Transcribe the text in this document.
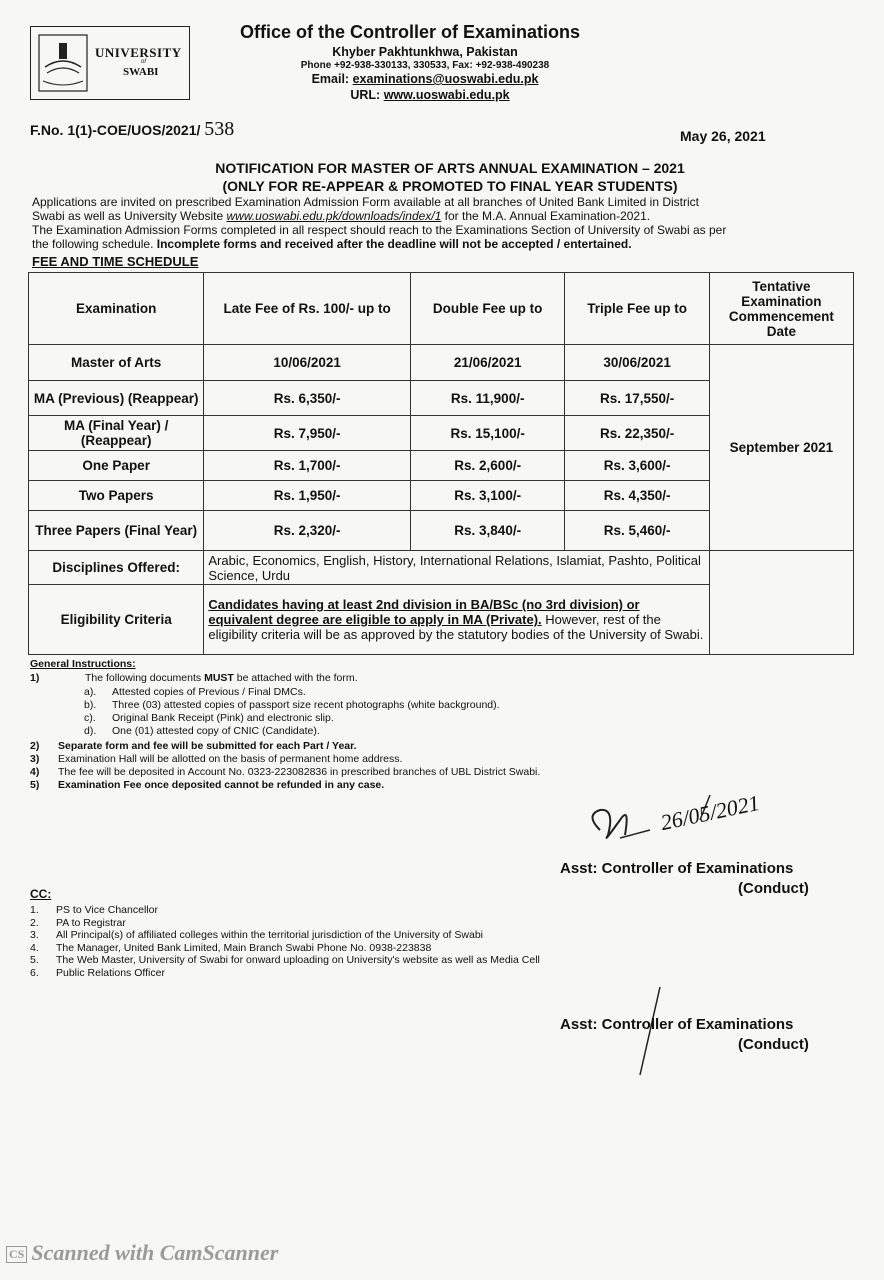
UNIVERSITY
of
SWABI
Office of the Controller of Examinations
Khyber Pakhtunkhwa, Pakistan
Phone +92-938-330133, 330533, Fax: +92-938-490238
Email: examinations@uoswabi.edu.pk
URL: www.uoswabi.edu.pk
F.No. 1(1)-COE/UOS/2021/ 538	May 26, 2021
NOTIFICATION FOR MASTER OF ARTS ANNUAL EXAMINATION – 2021
(ONLY FOR RE-APPEAR & PROMOTED TO FINAL YEAR STUDENTS)
Applications are invited on prescribed Examination Admission Form available at all branches of United Bank Limited in District
Swabi as well as University Website www.uoswabi.edu.pk/downloads/index/1 for the M.A. Annual Examination-2021.
The Examination Admission Forms completed in all respect should reach to the Examinations Section of University of Swabi as per
the following schedule. Incomplete forms and received after the deadline will not be accepted / entertained.
FEE AND TIME SCHEDULE
Examination	Late Fee of Rs. 100/- up to	Double Fee up to	Triple Fee up to	Tentative Examination Commencement Date
Master of Arts	10/06/2021	21/06/2021	30/06/2021	September 2021
MA (Previous) (Reappear)	Rs. 6,350/-	Rs. 11,900/-	Rs. 17,550/-	
MA (Final Year) / (Reappear)	Rs. 7,950/-	Rs. 15,100/-	Rs. 22,350/-	
One Paper	Rs. 1,700/-	Rs. 2,600/-	Rs. 3,600/-	
Two Papers	Rs. 1,950/-	Rs. 3,100/-	Rs. 4,350/-	
Three Papers (Final Year)	Rs. 2,320/-	Rs. 3,840/-	Rs. 5,460/-	
Disciplines Offered:	Arabic, Economics, English, History, International Relations, Islamiat, Pashto, Political Science, Urdu			
Eligibility Criteria	Candidates having at least 2nd division in BA/BSc (no 3rd division) or equivalent degree are eligible to apply in MA (Private). However, rest of the eligibility criteria will be as approved by the statutory bodies of the University of Swabi.			
General Instructions:
1)	The following documents MUST be attached with the form.
a). Attested copies of Previous / Final DMCs.
b). Three (03) attested copies of passport size recent photographs (white background).
c). Original Bank Receipt (Pink) and electronic slip.
d). One (01) attested copy of CNIC (Candidate).
2) Separate form and fee will be submitted for each Part / Year.
3) Examination Hall will be allotted on the basis of permanent home address.
4) The fee will be deposited in Account No. 0323-223082836 in prescribed branches of UBL District Swabi.
5) Examination Fee once deposited cannot be refunded in any case.
26/05/2021
Asst: Controller of Examinations
(Conduct)
CC:
1. PS to Vice Chancellor
2. PA to Registrar
3. All Principal(s) of affiliated colleges within the territorial jurisdiction of the University of Swabi
4. The Manager, United Bank Limited, Main Branch Swabi Phone No. 0938-223838
5. The Web Master, University of Swabi for onward uploading on University's website as well as Media Cell
6. Public Relations Officer
Asst: Controller of Examinations
(Conduct)
CS Scanned with CamScanner
